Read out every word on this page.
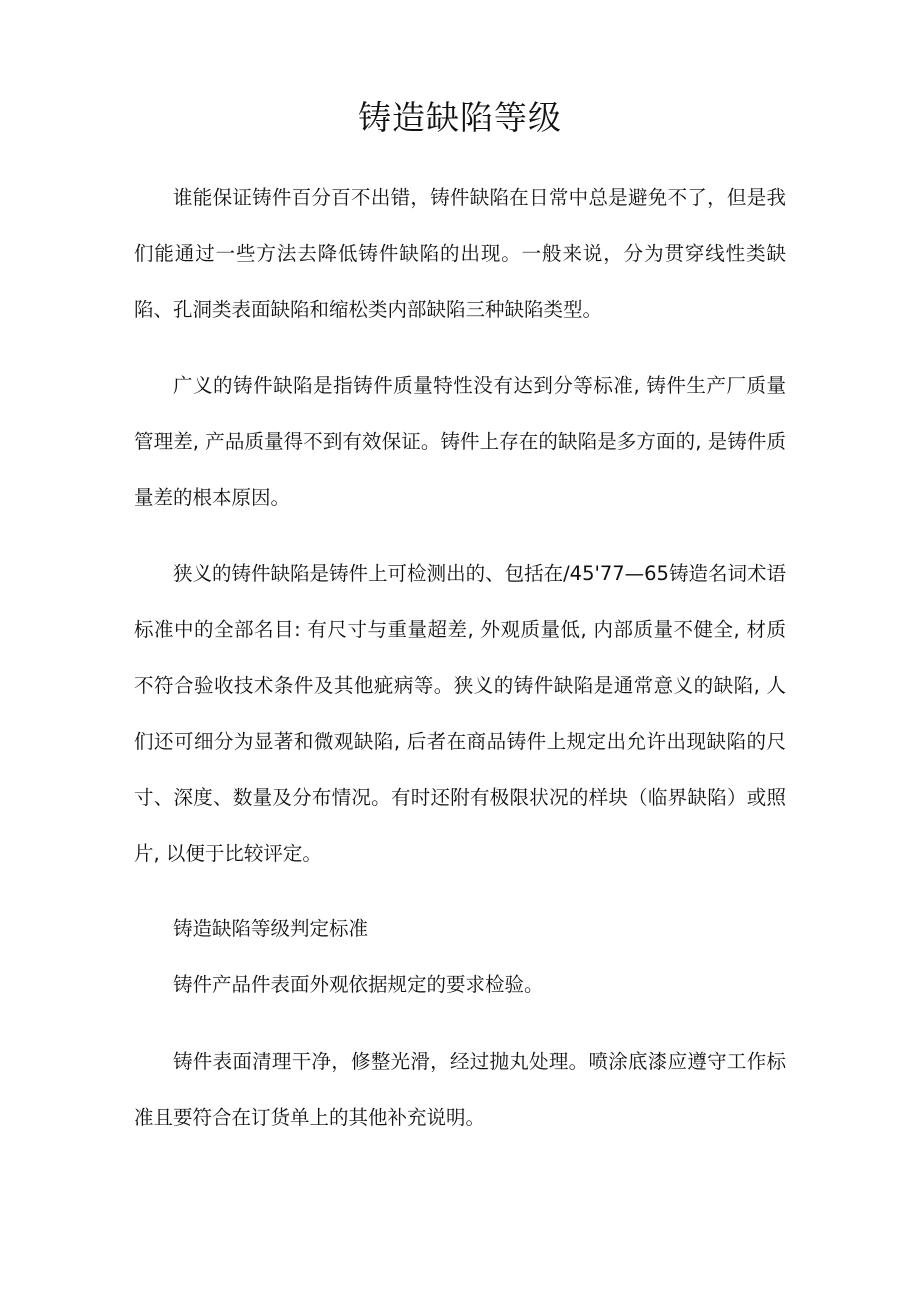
铸造缺陷等级

谁能保证铸件百分百不出错，铸件缺陷在日常中总是避免不了，但是我们能通过一些方法去降低铸件缺陷的出现。一般来说，分为贯穿线性类缺陷、孔洞类表面缺陷和缩松类内部缺陷三种缺陷类型。

广义的铸件缺陷是指铸件质量特性没有达到分等标准, 铸件生产厂质量管理差, 产品质量得不到有效保证。铸件上存在的缺陷是多方面的, 是铸件质量差的根本原因。

狭义的铸件缺陷是铸件上可检测出的、包括在/45'77—65铸造名词术语标准中的全部名目: 有尺寸与重量超差, 外观质量低, 内部质量不健全, 材质不符合验收技术条件及其他疵病等。狭义的铸件缺陷是通常意义的缺陷, 人们还可细分为显著和微观缺陷, 后者在商品铸件上规定出允许出现缺陷的尺寸、深度、数量及分布情况。有时还附有极限状况的样块（临界缺陷）或照片, 以便于比较评定。

铸造缺陷等级判定标准

铸件产品件表面外观依据规定的要求检验。

铸件表面清理干净，修整光滑，经过抛丸处理。喷涂底漆应遵守工作标准且要符合在订货单上的其他补充说明。
